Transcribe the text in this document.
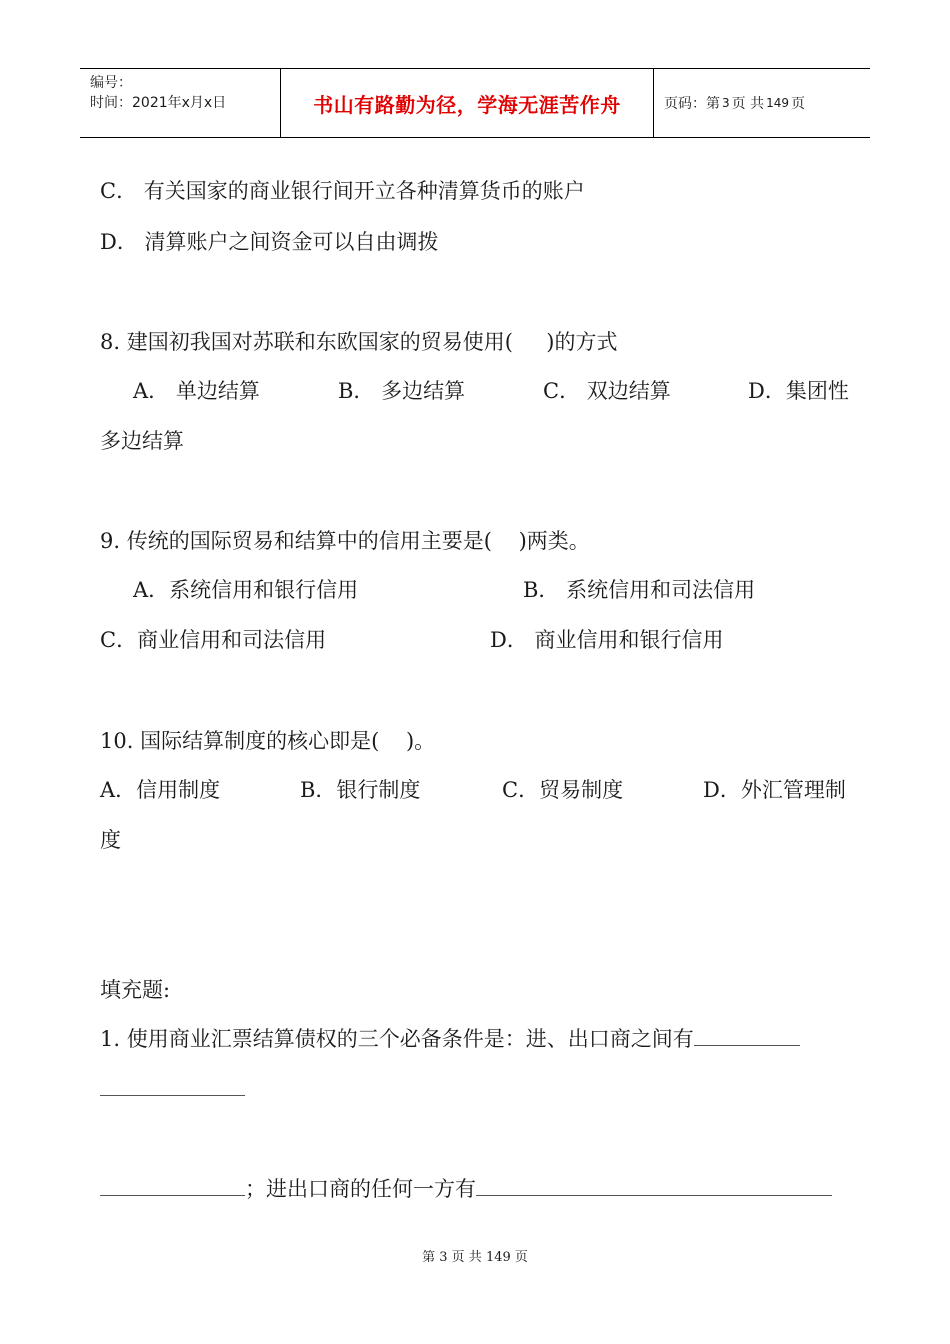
编号：
时间：2021年x月x日	书山有路勤为径，学海无涯苦作舟	页码：第 3 页 共 149 页
C． 有关国家的商业银行间开立各种清算货币的账户
D． 清算账户之间资金可以自由调拨
8. 建国初我国对苏联和东欧国家的贸易使用(     )的方式
A． 单边结算	B． 多边结算	C． 双边结算	D．集团性
多边结算
9. 传统的国际贸易和结算中的信用主要是(    )两类。
A．系统信用和银行信用	B． 系统信用和司法信用
C．商业信用和司法信用	D． 商业信用和银行信用
10. 国际结算制度的核心即是(    )。
A．信用制度	B．银行制度	C．贸易制度	D．外汇管理制
度
填充题:
1. 使用商业汇票结算债权的三个必备条件是：进、出口商之间有
；进出口商的任何一方有
第 3 页 共 149 页
